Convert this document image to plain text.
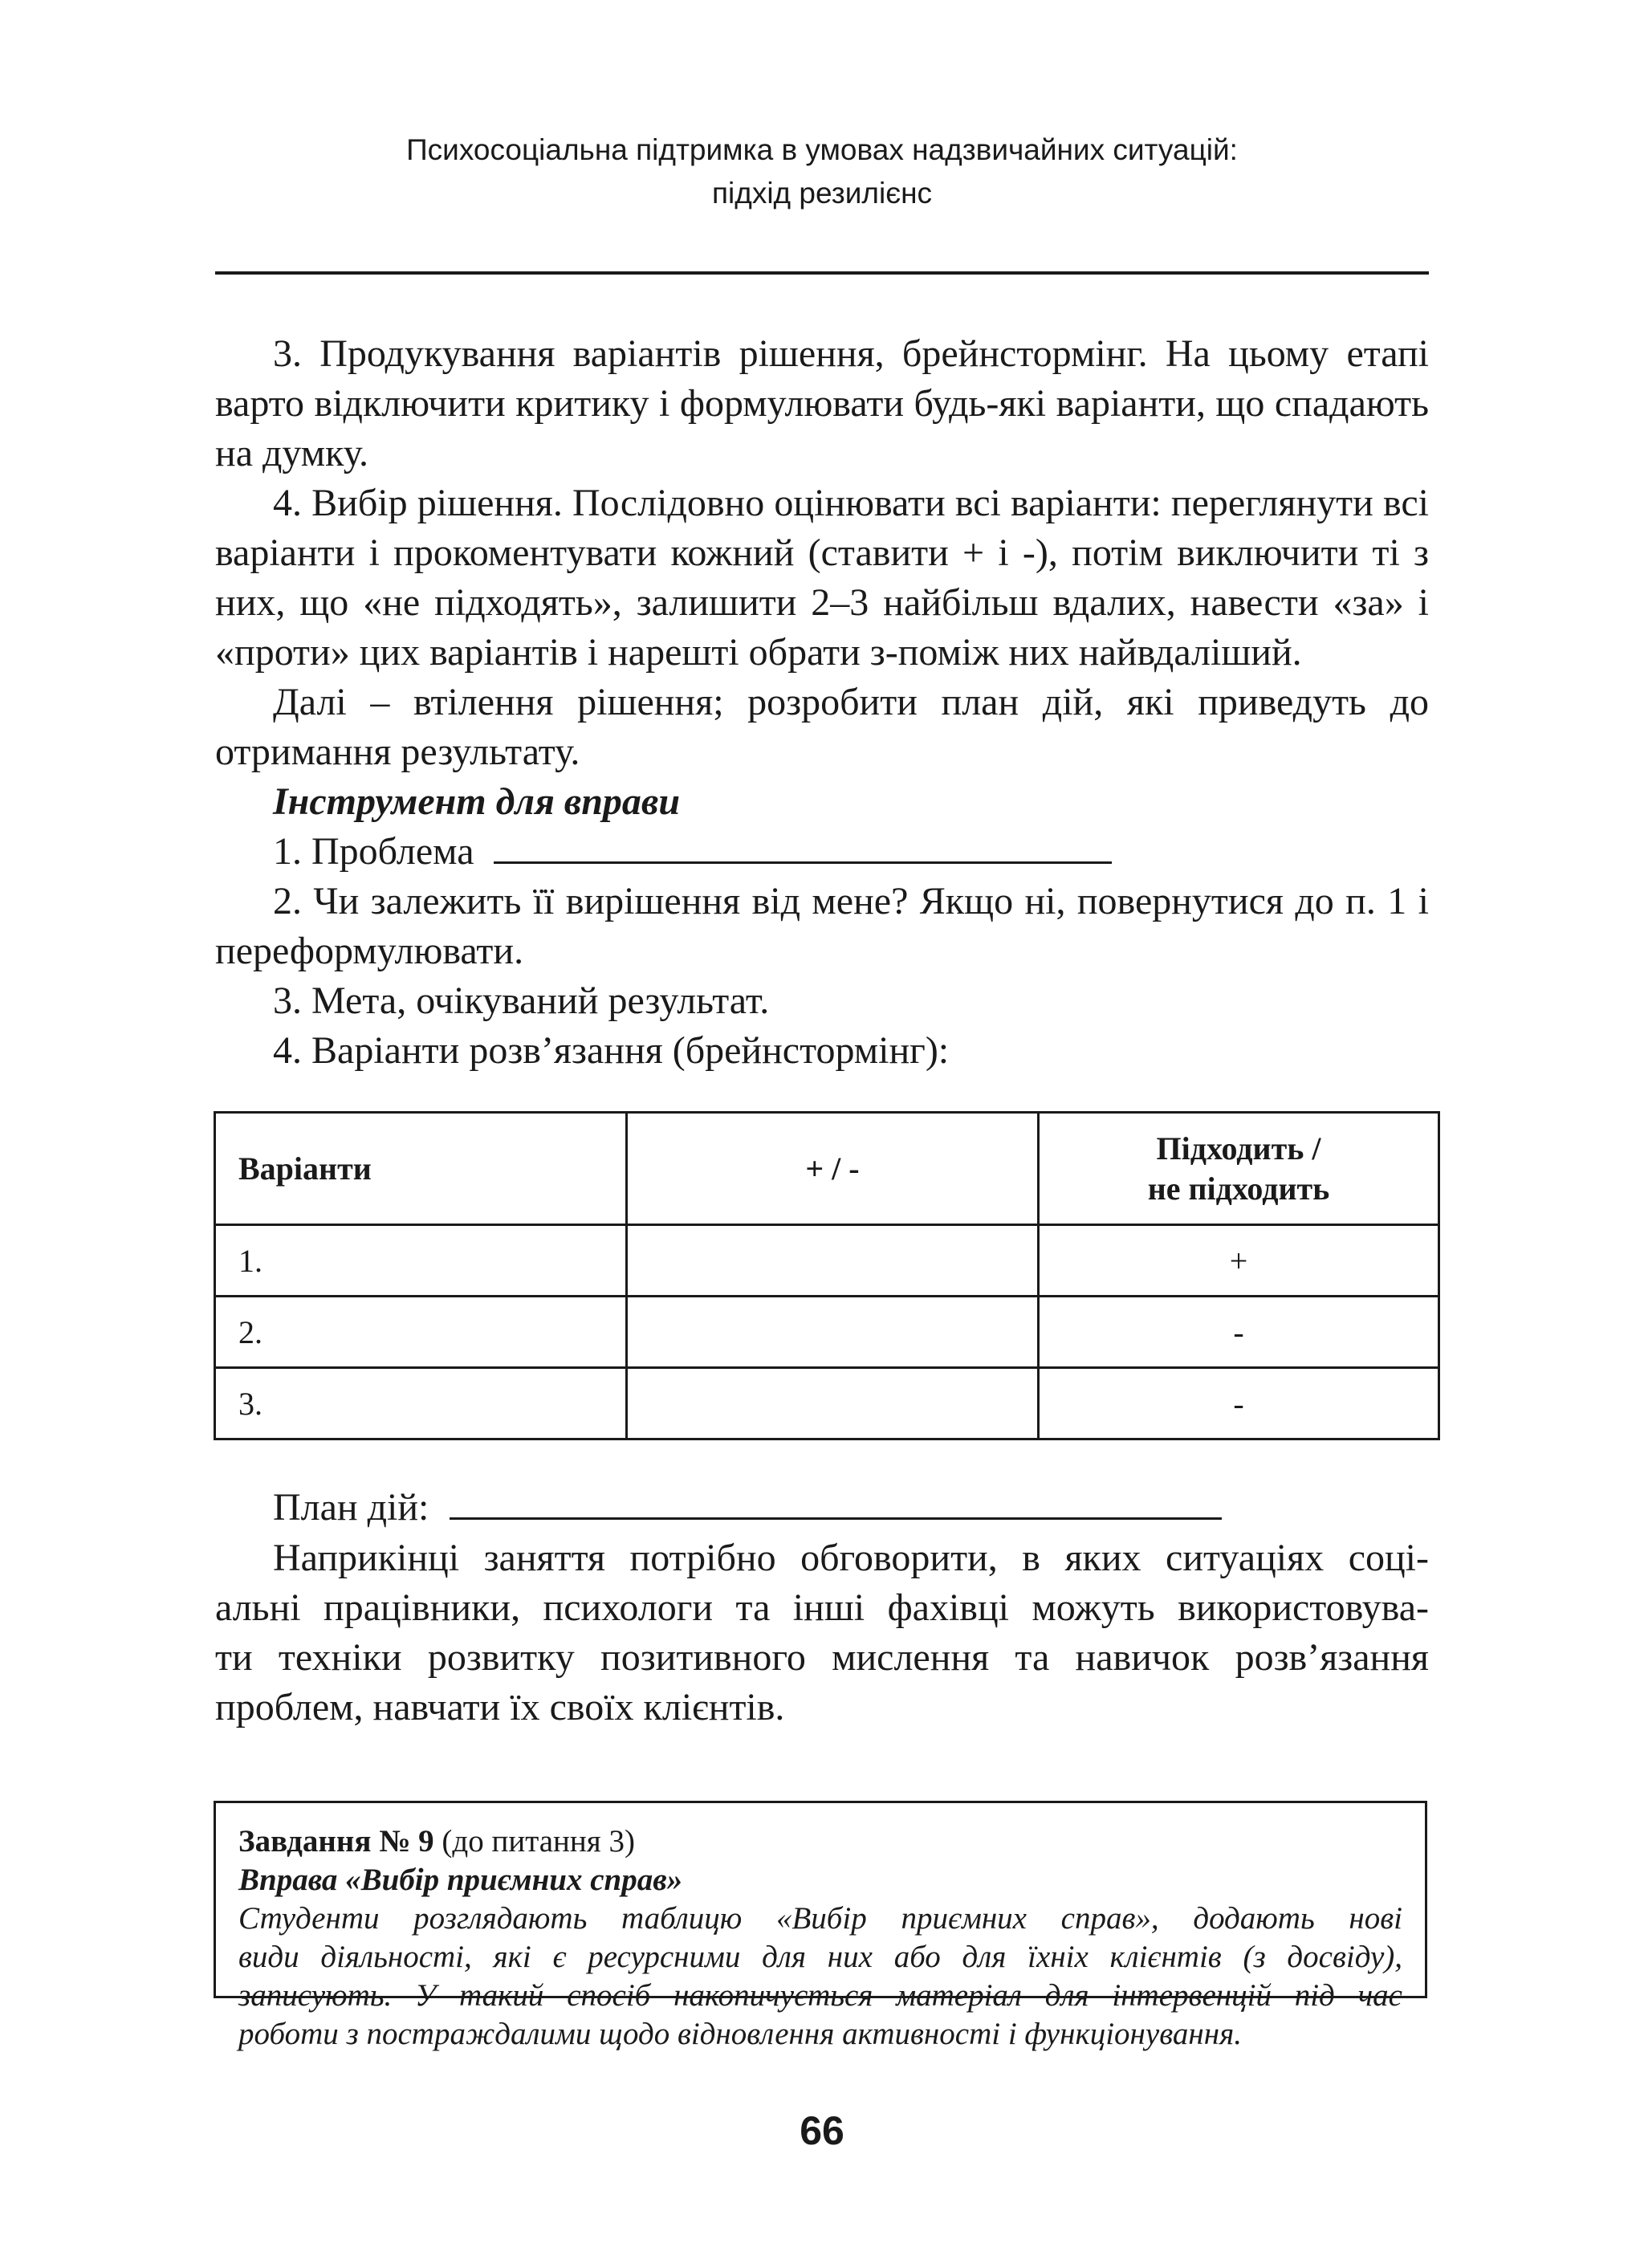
Психосоціальна підтримка в умовах надзвичайних ситуацій:
підхід резилієнс

3. Продукування варіантів рішення, брейнстормінг. На цьому етапі варто відключити критику і формулювати будь-які варіанти, що спадають на думку.

4. Вибір рішення. Послідовно оцінювати всі варіанти: переглянути всі варіанти і прокоментувати кожний (ставити + і -), потім виключити ті з них, що «не підходять», залишити 2–3 найбільш вдалих, навести «за» і «проти» цих варіантів і нарешті обрати з-поміж них найвдаліший.

Далі – втілення рішення; розробити план дій, які приведуть до отримання результату.

Інструмент для вправи

1. Проблема

2. Чи залежить її вирішення від мене? Якщо ні, повернутися до п. 1 і переформулювати.

3. Мета, очікуваний результат.

4. Варіанти розв’язання (брейнстормінг):

Варіанти	+ / -	Підходить /
не підходить

1.		+
2.		-
3.		-

План дій:

Наприкінці заняття потрібно обговорити, в яких ситуаціях соці-

альні працівники, психологи та інші фахівці можуть використовува-

ти техніки розвитку позитивного мислення та навичок розв’язання

проблем, навчати їх своїх клієнтів.

Завдання № 9 (до питання 3)

Вправа «Вибір приємних справ»

Студенти розглядають таблицю «Вибір приємних справ», додають нові

види діяльності, які є ресурсними для них або для їхніх клієнтів (з досвіду),

записують. У такий спосіб накопичується матеріал для інтервенцій під час

роботи з постраждалими щодо відновлення активності і функціонування.

66
